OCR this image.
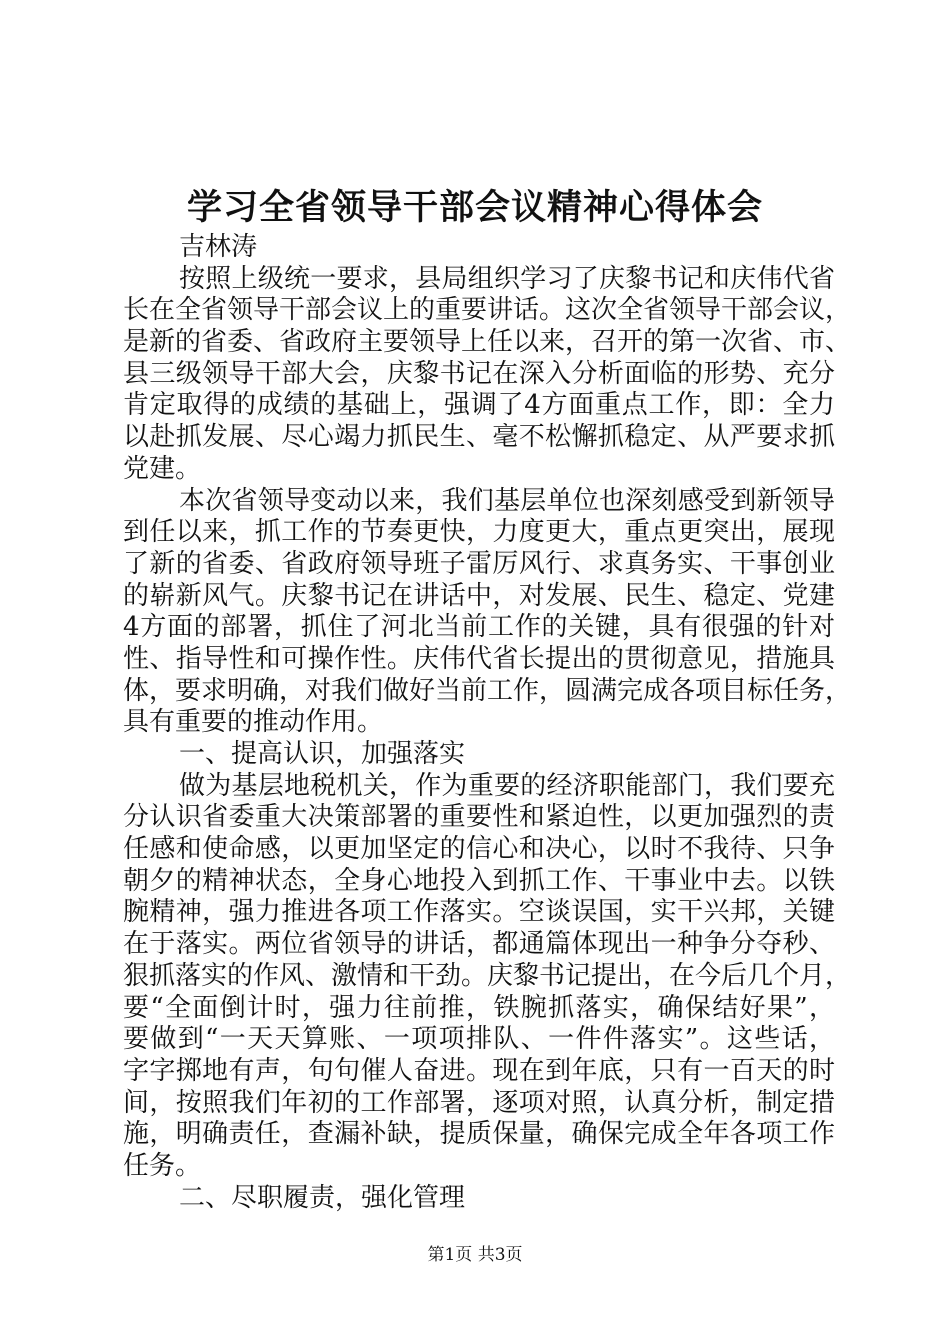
学习全省领导干部会议精神心得体会
吉林涛
按照上级统一要求，县局组织学习了庆黎书记和庆伟代省
长在全省领导干部会议上的重要讲话。这次全省领导干部会议，
是新的省委、省政府主要领导上任以来，召开的第一次省、市、
县三级领导干部大会，庆黎书记在深入分析面临的形势、充分
肯定取得的成绩的基础上，强调了4方面重点工作，即：全力
以赴抓发展、尽心竭力抓民生、毫不松懈抓稳定、从严要求抓
党建。
本次省领导变动以来，我们基层单位也深刻感受到新领导
到任以来，抓工作的节奏更快，力度更大，重点更突出，展现
了新的省委、省政府领导班子雷厉风行、求真务实、干事创业
的崭新风气。庆黎书记在讲话中，对发展、民生、稳定、党建
4方面的部署，抓住了河北当前工作的关键，具有很强的针对
性、指导性和可操作性。庆伟代省长提出的贯彻意见，措施具
体，要求明确，对我们做好当前工作，圆满完成各项目标任务，
具有重要的推动作用。
一、提高认识，加强落实
做为基层地税机关，作为重要的经济职能部门，我们要充
分认识省委重大决策部署的重要性和紧迫性，以更加强烈的责
任感和使命感，以更加坚定的信心和决心，以时不我待、只争
朝夕的精神状态，全身心地投入到抓工作、干事业中去。以铁
腕精神，强力推进各项工作落实。空谈误国，实干兴邦，关键
在于落实。两位省领导的讲话，都通篇体现出一种争分夺秒、
狠抓落实的作风、激情和干劲。庆黎书记提出，在今后几个月，
要“全面倒计时，强力往前推，铁腕抓落实，确保结好果”，
要做到“一天天算账、一项项排队、一件件落实”。这些话，
字字掷地有声，句句催人奋进。现在到年底，只有一百天的时
间，按照我们年初的工作部署，逐项对照，认真分析，制定措
施，明确责任，查漏补缺，提质保量，确保完成全年各项工作
任务。
二、尽职履责，强化管理
第1页 共3页
